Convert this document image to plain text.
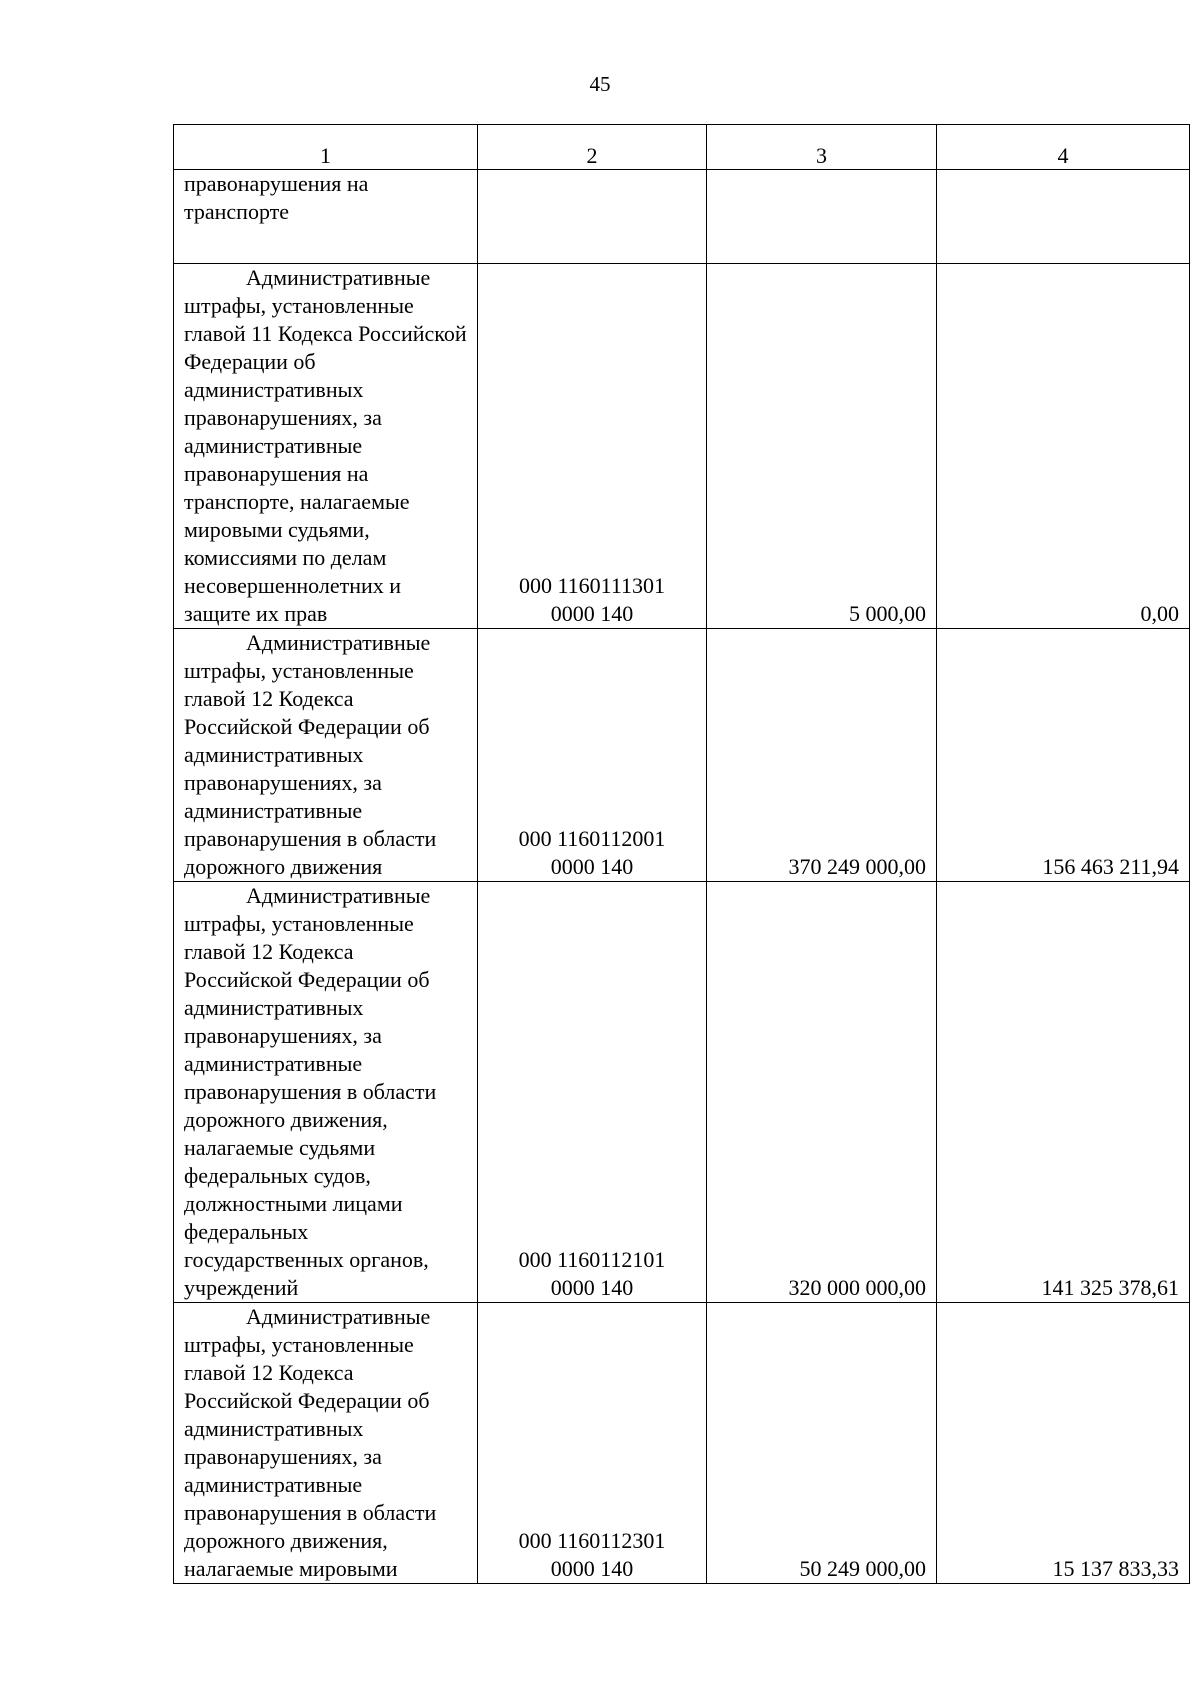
45
1	2	3	4
правонарушения на транспорте	

Административные штрафы, установленные главой 11 Кодекса Российской Федерации об административных правонарушениях, за административные правонарушения на транспорте, налагаемые мировыми судьями, комиссиями по делам несовершеннолетних и защите их прав	000 1160111301
0000 140	5 000,00	0,00
Административные штрафы, установленные главой 12 Кодекса Российской Федерации об административных правонарушениях, за административные правонарушения в области дорожного движения	000 1160112001
0000 140	370 249 000,00	156 463 211,94
Административные штрафы, установленные главой 12 Кодекса Российской Федерации об административных правонарушениях, за административные правонарушения в области дорожного движения, налагаемые судьями федеральных судов, должностными лицами федеральных государственных органов, учреждений	000 1160112101
0000 140	320 000 000,00	141 325 378,61
Административные штрафы, установленные главой 12 Кодекса Российской Федерации об административных правонарушениях, за административные правонарушения в области дорожного движения, налагаемые мировыми	000 1160112301
0000 140	50 249 000,00	15 137 833,33
